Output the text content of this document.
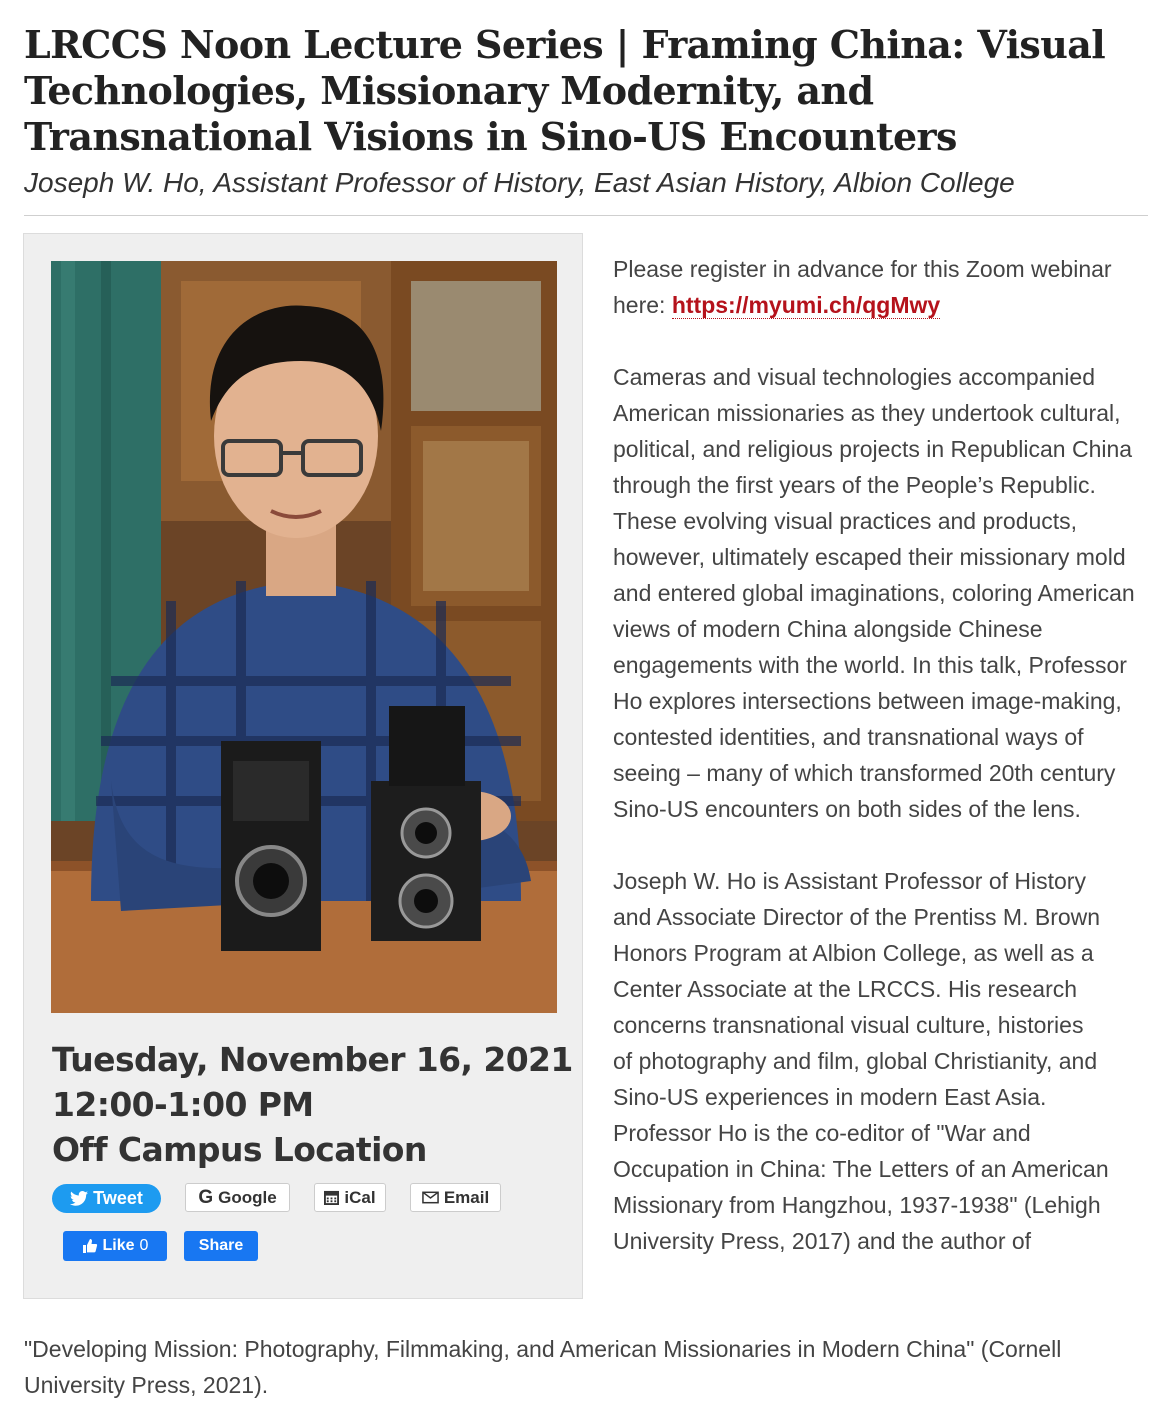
LRCCS Noon Lecture Series | Framing China: Visual Technologies, Missionary Modernity, and Transnational Visions in Sino-US Encounters

Joseph W. Ho, Assistant Professor of History, East Asian History, Albion College

Tuesday, November 16, 2021
12:00-1:00 PM
Off Campus Location
Tweet	G Google	iCal	Email
Like 0	Share

Please register in advance for this Zoom webinar here: https://myumi.ch/qgMwy

Cameras and visual technologies accompanied American missionaries as they undertook cultural, political, and religious projects in Republican China through the first years of the People’s Republic. These evolving visual practices and products, however, ultimately escaped their missionary mold and entered global imaginations, coloring American views of modern China alongside Chinese engagements with the world. In this talk, Professor Ho explores intersections between image-making, contested identities, and transnational ways of seeing – many of which transformed 20th century Sino-US encounters on both sides of the lens.

Joseph W. Ho is Assistant Professor of History
and Associate Director of the Prentiss M. Brown
Honors Program at Albion College, as well as a
Center Associate at the LRCCS. His research
concerns transnational visual culture, histories
of photography and film, global Christianity, and
Sino-US experiences in modern East Asia.
Professor Ho is the co-editor of "War and
Occupation in China: The Letters of an American
Missionary from Hangzhou, 1937-1938" (Lehigh
University Press, 2017) and the author of

"Developing Mission: Photography, Filmmaking, and American Missionaries in Modern China" (Cornell University Press, 2021).
